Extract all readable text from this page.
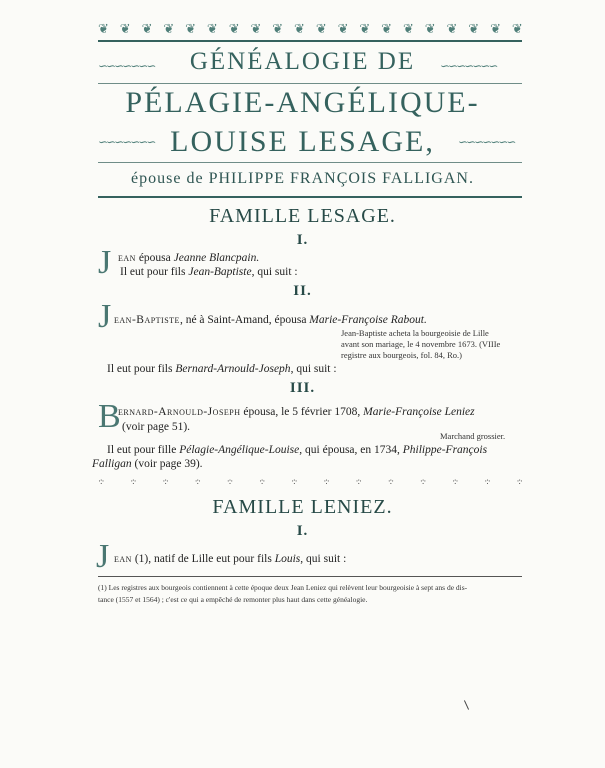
❦ ❦ ❦ ❦ ❦ ❦ ❦ ❦ ❦ ❦ ❦ ❦ ❦ ❦ ❦ ❦ ❦ ❦ ❦ ❦
∽∽∽∽∽∽∽	∽∽∽∽∽∽∽
GÉNÉALOGIE DE
PÉLAGIE-ANGÉLIQUE-
LOUISE LESAGE,
∽∽∽∽∽∽∽	∽∽∽∽∽∽∽
épouse de PHILIPPE FRANÇOIS FALLIGAN.
FAMILLE LESAGE.
I.
J ean épousa Jeanne Blancpain.
Il eut pour fils Jean-Baptiste, qui suit :
II.
J ean-Baptiste, né à Saint-Amand, épousa Marie-Françoise Rabout.
Jean-Baptiste acheta la bourgeoisie de Lille
avant son mariage, le 4 novembre 1673. (VIIIe
registre aux bourgeois, fol. 84, Ro.)
Il eut pour fils Bernard-Arnould-Joseph, qui suit :
III.
B
ernard-Arnould-Joseph épousa, le 5 février 1708, Marie-Françoise Leniez
(voir page 51).
Marchand grossier.
Il eut pour fille Pélagie-Angélique-Louise, qui épousa, en 1734, Philippe-François
Falligan (voir page 39).
·:·	·:·	·:·	·:·	·:·	·:·	·:·	·:·	·:·	·:·	·:·	·:·	·:·	·:·
FAMILLE LENIEZ.
I.
J ean (1), natif de Lille eut pour fils Louis, qui suit :
(1) Les registres aux bourgeois contiennent à cette époque deux Jean Leniez qui relèvent leur bourgeoisie à sept ans de dis-
tance (1557 et 1564) ; c'est ce qui a empêché de remonter plus haut dans cette généalogie.
